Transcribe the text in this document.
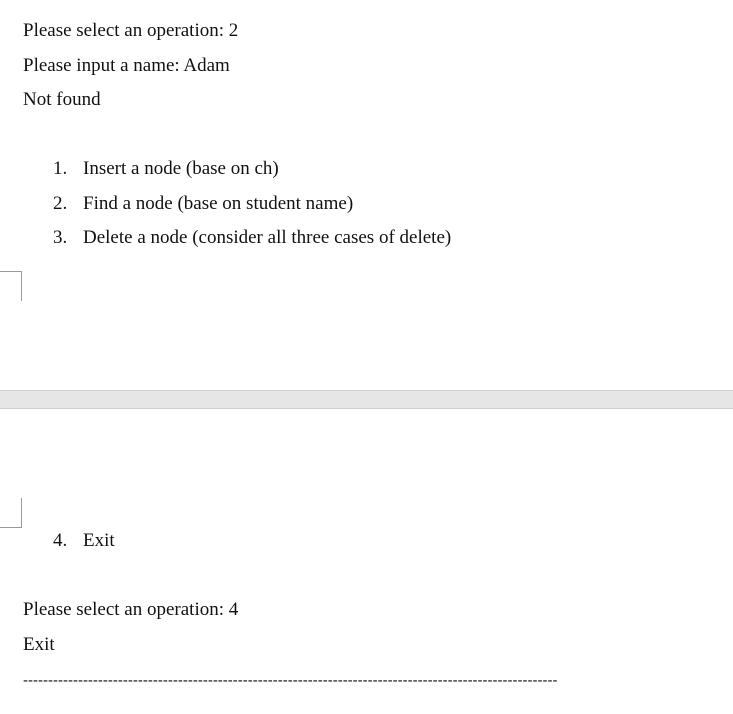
Please select an operation: 2
Please input a name: Adam
Not found
1. Insert a node (base on ch)
2. Find a node (base on student name)
3. Delete a node (consider all three cases of delete)
4. Exit
Please select an operation: 4
Exit
-----------------------------------------------------------------------------------------------------------
